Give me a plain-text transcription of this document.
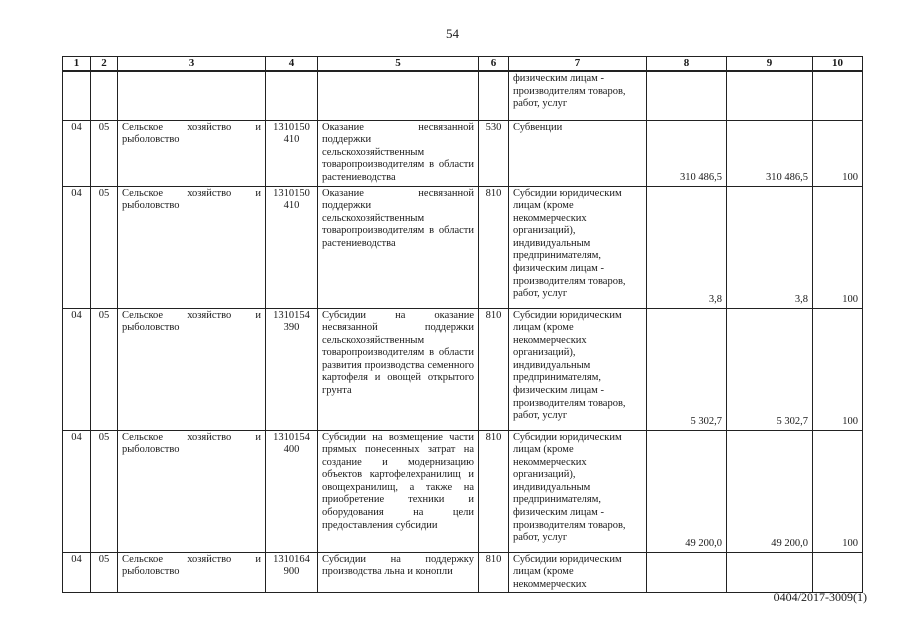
54
1	2	3	4	5	6	7	8	9	10
						физическим лицам - производителям товаров, работ, услуг			
04	05	Сельское хозяйство и рыболовство	1310150 410	Оказание несвязанной поддержки сельскохозяйственным товаропроизводителям в области растениеводства	530	Субвенции	310 486,5	310 486,5	100
04	05	Сельское хозяйство и рыболовство	1310150 410	Оказание несвязанной поддержки сельскохозяйственным товаропроизводителям в области растениеводства	810	Субсидии юридическим лицам (кроме некоммерческих организаций), индивидуальным предпринимателям, физическим лицам - производителям товаров, работ, услуг	3,8	3,8	100
04	05	Сельское хозяйство и рыболовство	1310154 390	Субсидии на оказание несвязанной поддержки сельскохозяйственным товаропроизводителям в области развития производства семенного картофеля и овощей открытого грунта	810	Субсидии юридическим лицам (кроме некоммерческих организаций), индивидуальным предпринимателям, физическим лицам - производителям товаров, работ, услуг	5 302,7	5 302,7	100
04	05	Сельское хозяйство и рыболовство	1310154 400	Субсидии на возмещение части прямых понесенных затрат на создание и модернизацию объектов картофелехранилищ и овощехранилищ, а также на приобретение техники и оборудования на цели предоставления субсидии	810	Субсидии юридическим лицам (кроме некоммерческих организаций), индивидуальным предпринимателям, физическим лицам - производителям товаров, работ, услуг	49 200,0	49 200,0	100
04	05	Сельское хозяйство и рыболовство	1310164 900	Субсидии на поддержку производства льна и конопли	810	Субсидии юридическим лицам (кроме некоммерческих			
0404/2017-3009(1)
